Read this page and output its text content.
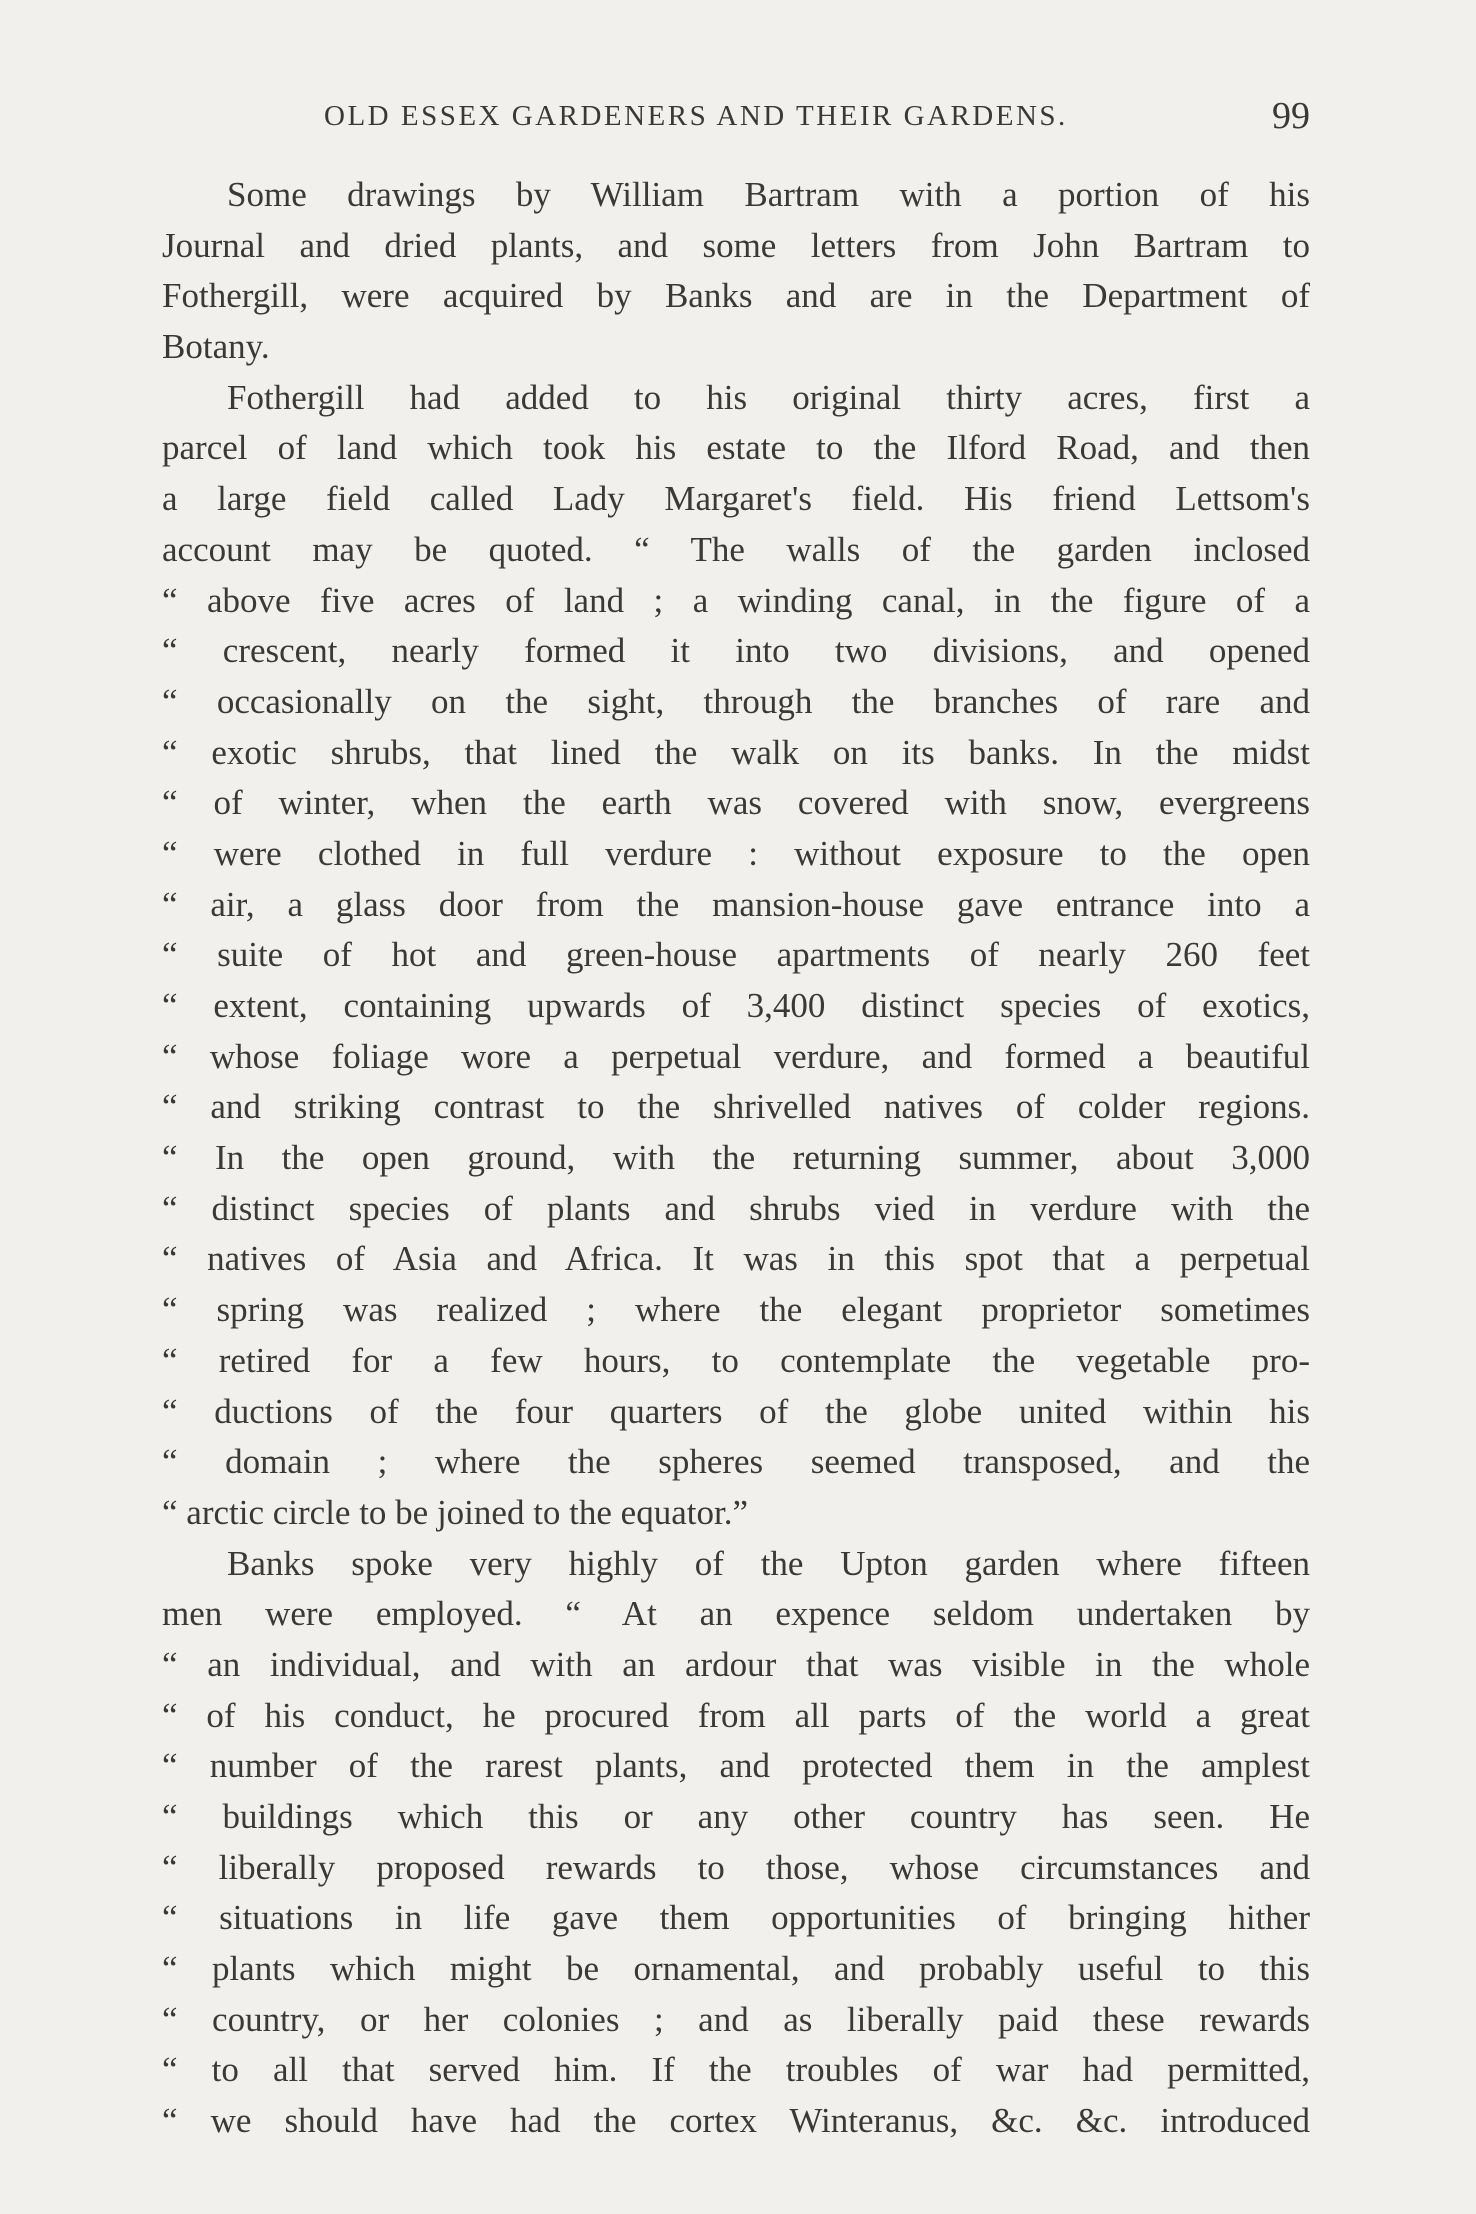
OLD ESSEX GARDENERS AND THEIR GARDENS.	99
Some drawings by William Bartram with a portion of his
Journal and dried plants, and some letters from John Bartram to
Fothergill, were acquired by Banks and are in the Department of
Botany.
Fothergill had added to his original thirty acres, first a
parcel of land which took his estate to the Ilford Road, and then
a large field called Lady Margaret's field. His friend Lettsom's
account may be quoted. “ The walls of the garden inclosed
“ above five acres of land ; a winding canal, in the figure of a
“ crescent, nearly formed it into two divisions, and opened
“ occasionally on the sight, through the branches of rare and
“ exotic shrubs, that lined the walk on its banks. In the midst
“ of winter, when the earth was covered with snow, evergreens
“ were clothed in full verdure : without exposure to the open
“ air, a glass door from the mansion-house gave entrance into a
“ suite of hot and green-house apartments of nearly 260 feet
“ extent, containing upwards of 3,400 distinct species of exotics,
“ whose foliage wore a perpetual verdure, and formed a beautiful
“ and striking contrast to the shrivelled natives of colder regions.
“ In the open ground, with the returning summer, about 3,000
“ distinct species of plants and shrubs vied in verdure with the
“ natives of Asia and Africa. It was in this spot that a perpetual
“ spring was realized ; where the elegant proprietor sometimes
“ retired for a few hours, to contemplate the vegetable pro-
“ ductions of the four quarters of the globe united within his
“ domain ; where the spheres seemed transposed, and the
“ arctic circle to be joined to the equator.”
Banks spoke very highly of the Upton garden where fifteen
men were employed. “ At an expence seldom undertaken by
“ an individual, and with an ardour that was visible in the whole
“ of his conduct, he procured from all parts of the world a great
“ number of the rarest plants, and protected them in the amplest
“ buildings which this or any other country has seen. He
“ liberally proposed rewards to those, whose circumstances and
“ situations in life gave them opportunities of bringing hither
“ plants which might be ornamental, and probably useful to this
“ country, or her colonies ; and as liberally paid these rewards
“ to all that served him. If the troubles of war had permitted,
“ we should have had the cortex Winteranus, &c. &c. introduced
